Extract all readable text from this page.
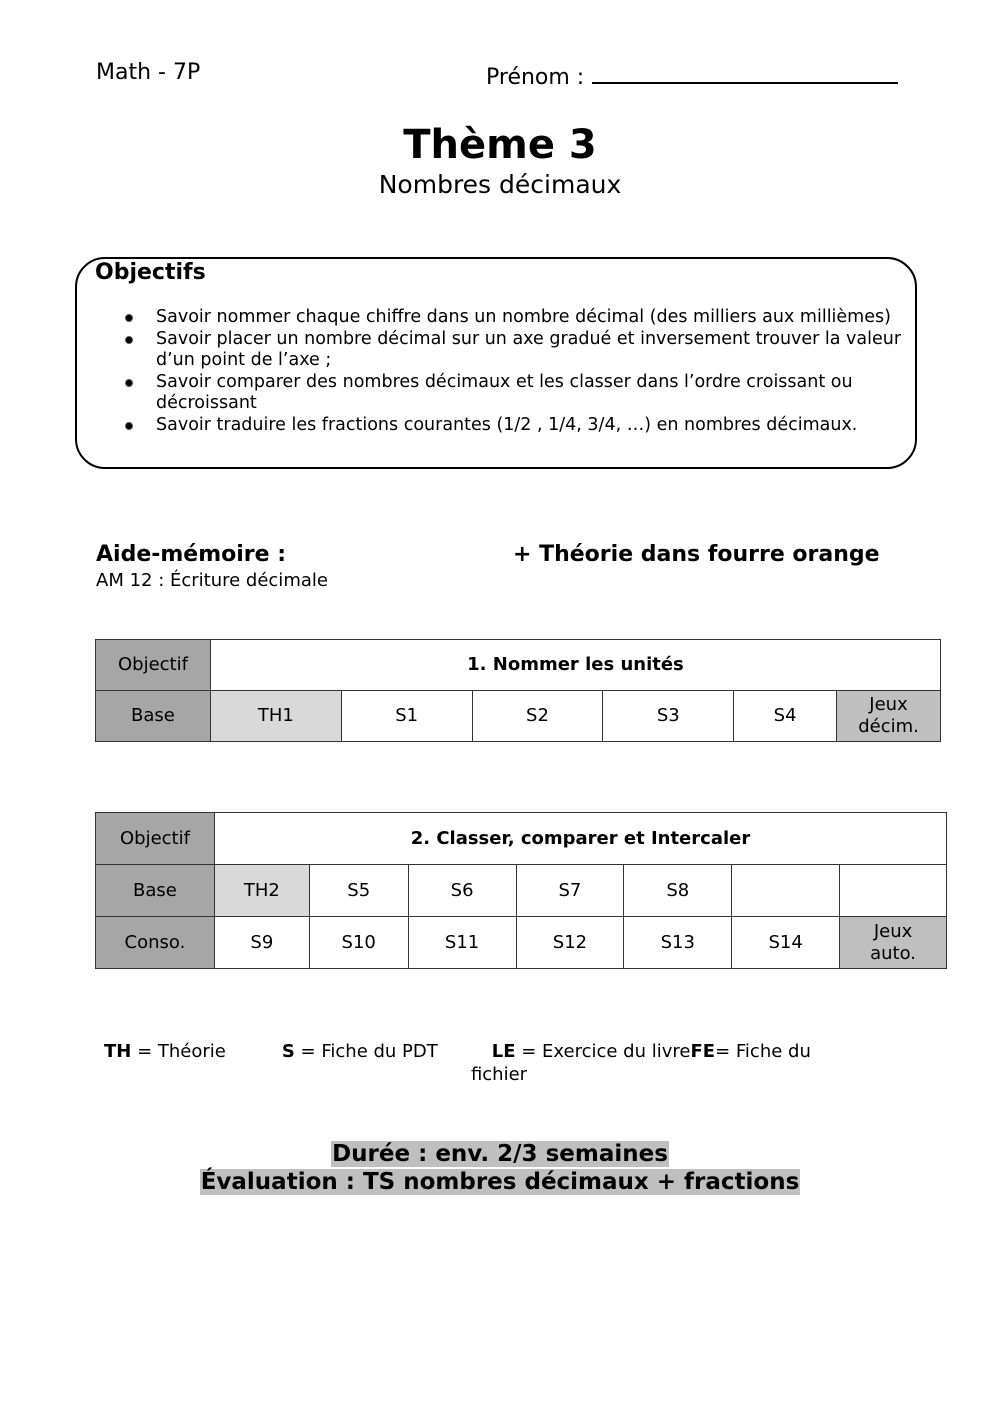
Math - 7P	Prénom :
Thème 3
Nombres décimaux
Objectifs
Savoir nommer chaque chiffre dans un nombre décimal (des milliers aux millièmes)
Savoir placer un nombre décimal sur un axe gradué et inversement trouver la valeur d’un point de l’axe ;
Savoir comparer des nombres décimaux et les classer dans l’ordre croissant ou décroissant
Savoir traduire les fractions courantes (1/2 , 1/4, 3/4, …) en nombres décimaux.
Aide-mémoire :	+ Théorie dans fourre orange
AM 12 : Écriture décimale
Objectif	1. Nommer les unités					
Base	TH1	S1	S2	S3	S4	Jeux
décim.
Objectif	2. Classer, comparer et Intercaler						
Base	TH2	S5	S6	S7	S8		
Conso.	S9	S10	S11	S12	S13	S14	Jeux
auto.
TH = Théorie	S = Fiche du PDT	LE = Exercice du livreFE= Fiche du
fichier
Durée : env. 2/3 semaines
Évaluation : TS nombres décimaux + fractions
